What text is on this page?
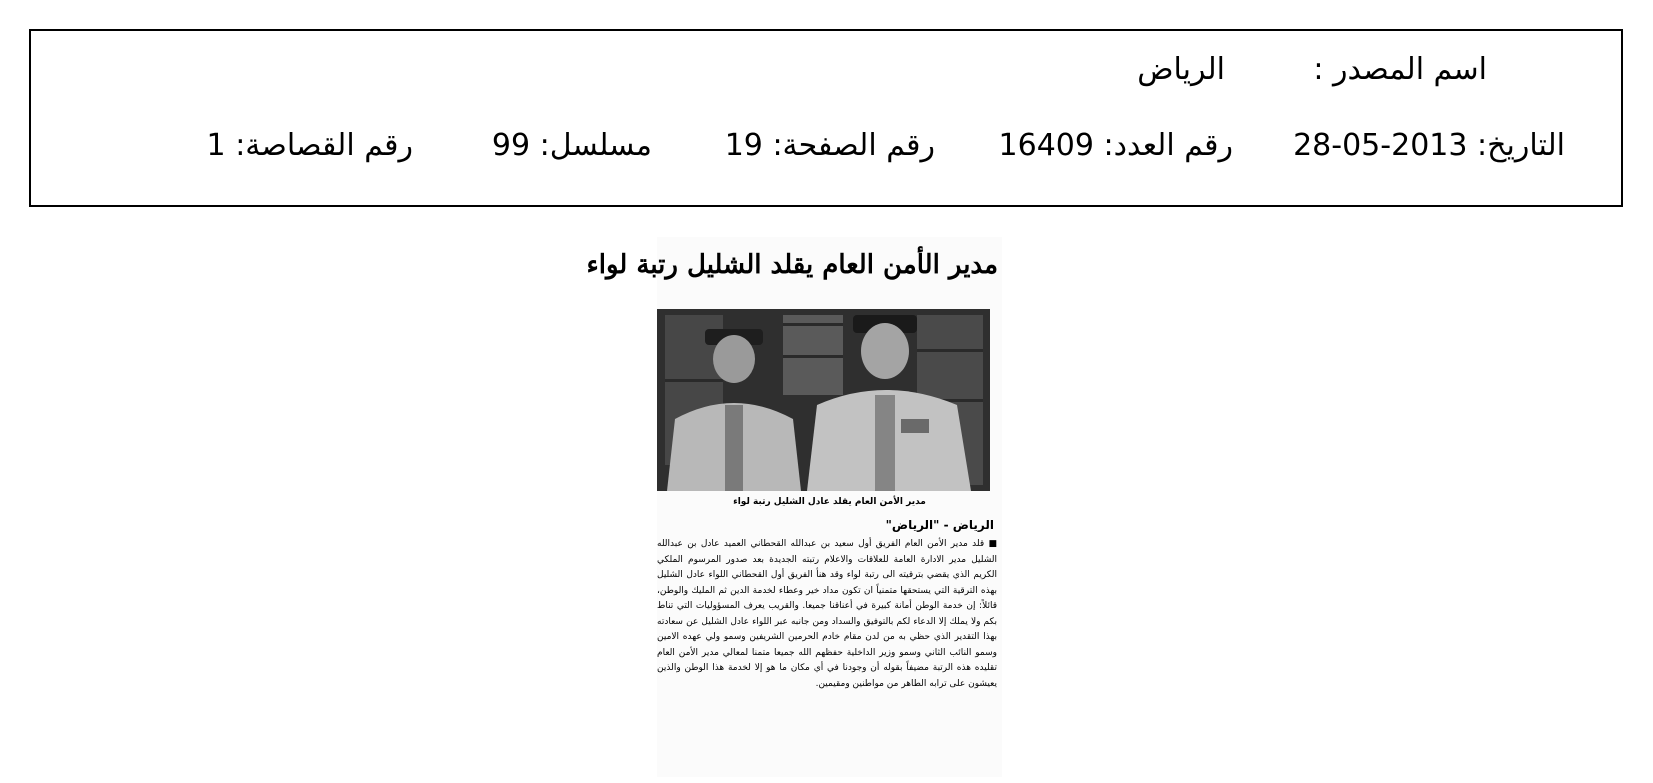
اسم المصدر :
الرياض
التاريخ: 2013-05-28
رقم العدد: 16409
رقم الصفحة: 19
مسلسل: 99
رقم القصاصة: 1
مدير الأمن العام يقلد الشليل رتبة لواء
مدير الأمن العام يقلد عادل الشليل رتبة لواء
الرياض - "الرياض"

■ قلد مدير الأمن العام الفريق أول سعيد بن عبدالله القحطاني العميد عادل بن عبدالله الشليل مدير الادارة العامة للعلاقات والاعلام رتبته الجديدة بعد صدور المرسوم الملكي الكريم الذي يقضي بترقيته الى رتبة لواء وقد هنأ الفريق أول القحطاني اللواء عادل الشليل بهذه الترقية التي يستحقها متمنياً ان تكون مداد خير وعطاء لخدمة الدين ثم المليك والوطن، قائلاً: إن خدمة الوطن أمانة كبيرة في أعناقنا جميعا. والقريب يعرف المسؤوليات التي تناط بكم ولا يملك إلا الدعاء لكم بالتوفيق والسداد ومن جانبه عبر اللواء عادل الشليل عن سعادته بهذا التقدير الذي حظي به من لدن مقام خادم الحرمين الشريفين وسمو ولي عهده الامين وسمو النائب الثاني وسمو وزير الداخلية حفظهم الله جميعا متمنا لمعالي مدير الأمن العام تقليده هذه الرتبة مضيفاً بقوله أن وجودنا في أي مكان ما هو إلا لخدمة هذا الوطن والذين يعيشون على ترابه الطاهر من مواطنين ومقيمين.
